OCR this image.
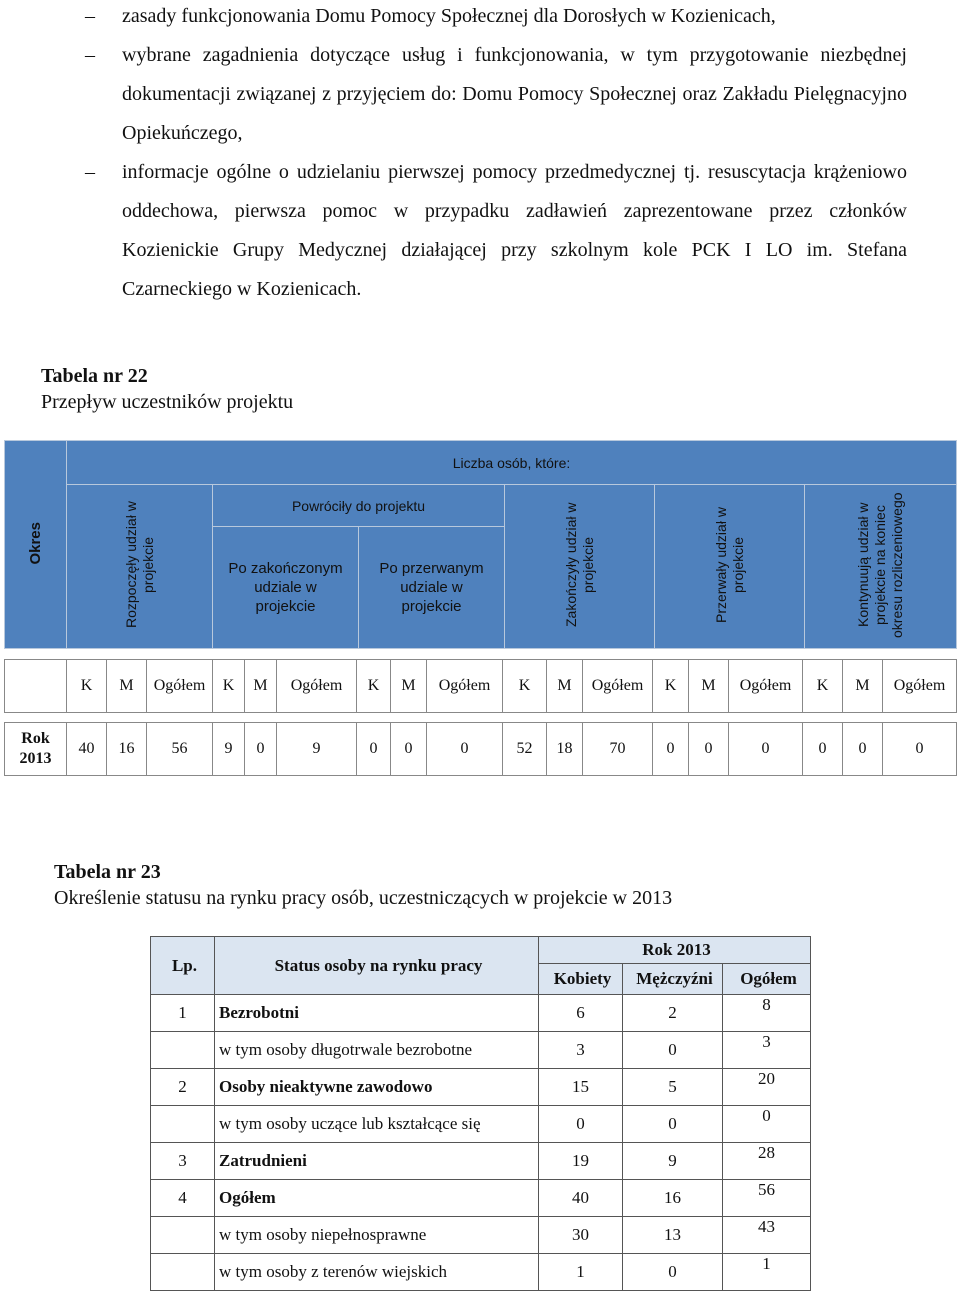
– zasady funkcjonowania Domu Pomocy Społecznej dla Dorosłych w Kozienicach,
– wybrane zagadnienia dotyczące usług i funkcjonowania, w tym przygotowanie niezbędnej dokumentacji związanej z przyjęciem do: Domu Pomocy Społecznej oraz Zakładu Pielęgnacyjno Opiekuńczego,
– informacje ogólne o udzielaniu pierwszej pomocy przedmedycznej tj. resuscytacja krążeniowo oddechowa, pierwsza pomoc w przypadku zadławień zaprezentowane przez członków Kozienickie Grupy Medycznej działającej przy szkolnym kole PCK I LO im. Stefana Czarneckiego w Kozienicach.
Tabela nr 22
Przepływ uczestników projektu
Okres	Liczba osób, które:					
	Rozpoczęły udział w projekcie	Powróciły do projektu		Zakończyły udział w projekcie	Przerwały udział w projekcie	Kontynuują udział w projekcie na koniec okresu rozliczeniowego
		Po zakończonym udziale w projekcie	Po przerwanym udziale w projekcie			

	K	M	Ogółem	K	M	Ogółem	K	M	Ogółem	K	M	Ogółem	K	M	Ogółem	K	M	Ogółem

Rok
2013	40	16	56	9	0	9	0	0	0	52	18	70	0	0	0	0	0	0
Tabela nr 23
Określenie statusu na rynku pracy osób, uczestniczących w projekcie w 2013
Lp.	Status osoby na rynku pracy	Rok 2013		
		Kobiety	Mężczyźni	Ogółem
1	Bezrobotni	6	2	8
	w tym osoby długotrwale bezrobotne	3	0	3
2	Osoby nieaktywne zawodowo	15	5	20
	w tym osoby uczące lub kształcące się	0	0	0
3	Zatrudnieni	19	9	28
4	Ogółem	40	16	56
	w tym osoby niepełnosprawne	30	13	43
	w tym osoby z terenów wiejskich	1	0	1
